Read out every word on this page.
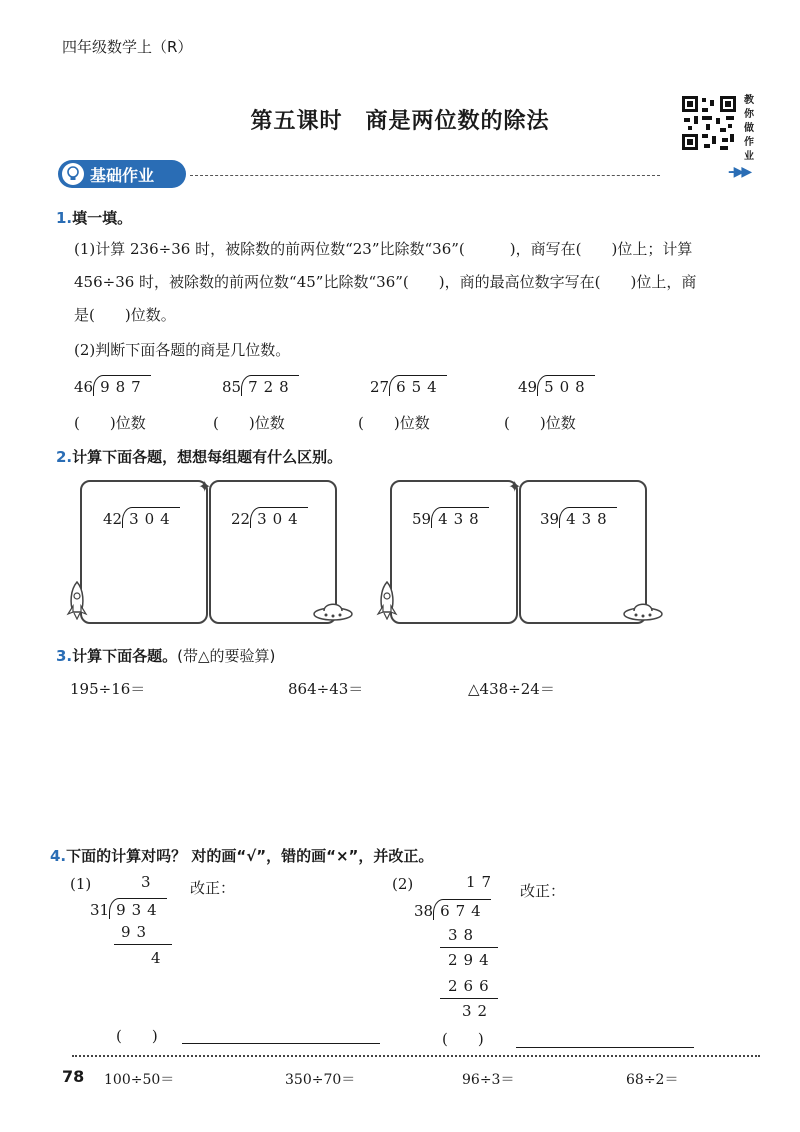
四年级数学上（R）
第五课时　商是两位数的除法
教你做作业
基础作业	‑‑▶▶
1.填一填。
(1)计算 236÷36 时，被除数的前两位数“23”比除数“36”(　　　)，商写在(　　)位上；计算
456÷36 时，被除数的前两位数“45”比除数“36”(　　)，商的最高位数字写在(　　)位上，商
是(　　)位数。
(2)判断下面各题的商是几位数。
46 987	85 728	27 654	49 508
(　　)位数	(　　)位数	(　　)位数	(　　)位数
2.计算下面各题，想想每组题有什么区别。
✦	✦
42 304	22 304	59 438	39 438
3.计算下面各题。(带△的要验算)
195÷16＝	864÷43＝	△438÷24＝
4.下面的计算对吗？ 对的画“√”，错的画“×”，并改正。
(1)	3	改正：
31 934
93
4
(　　)
(2)	17 改正：
38 674
38
294
266
32
(　　)
78 100÷50＝	350÷70＝	96÷3＝	68÷2＝
